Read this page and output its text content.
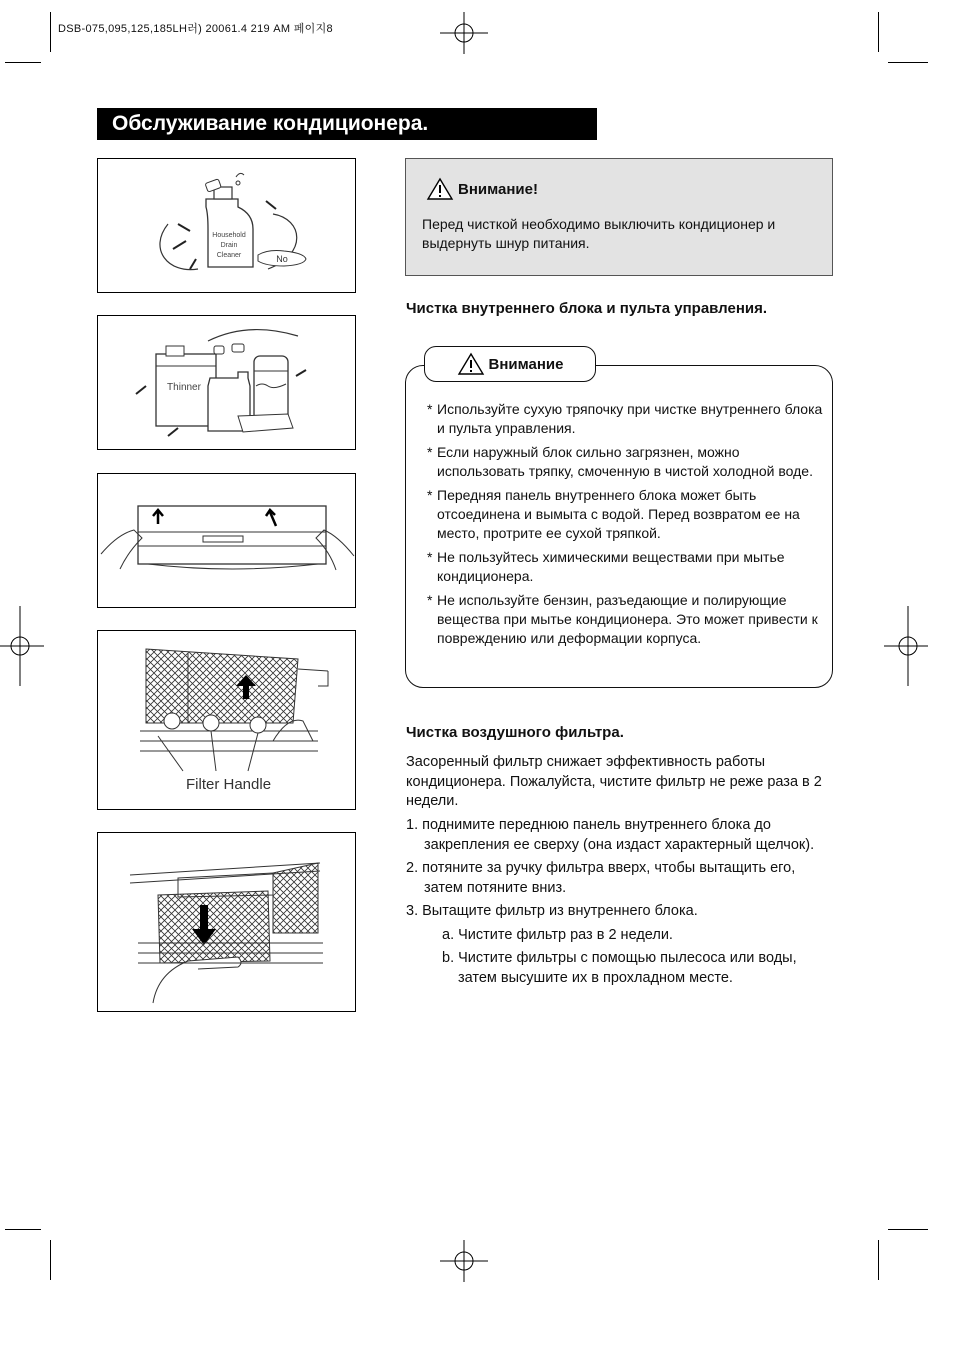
DSB-075,095,125,185LH러) 20061.4 219 AM 페이지8
Обслуживание кондиционера.
Household
Drain
Cleaner	No
Thinner
Filter Handle
Внимание!
Перед чисткой необходимо выключить кондиционер и выдернуть шнур питания.
Чистка внутреннего блока и пульта управления.
Внимание
* Используйте сухую тряпочку при чистке внутреннего блока и пульта управления.
* Если наружный блок сильно загрязнен, можно использовать тряпку, смоченную в чистой холодной воде.
* Передняя панель внутреннего блока может быть отсоединена и вымыта с водой. Перед возвратом ее на место, протрите ее сухой тряпкой.
* Не пользуйтесь химическими веществами при мытье кондиционера.
* Не используйте бензин, разъедающие и полирующие вещества при мытье кондиционера. Это может привести к повреждению или деформации корпуса.
Чистка воздушного фильтра.
Засоренный фильтр снижает эффективность работы кондиционера. Пожалуйста, чистите фильтр не реже раза в 2 недели.
1. поднимите переднюю панель внутреннего блока до закрепления ее сверху (она издаст характерный щелчок).
2. потяните за ручку фильтра вверх, чтобы вытащить его, затем потяните вниз.
3. Вытащите фильтр из внутреннего блока.
a. Чистите фильтр раз в 2 недели.
b. Чистите фильтры с помощью пылесоса или воды, затем высушите их в прохладном месте.
